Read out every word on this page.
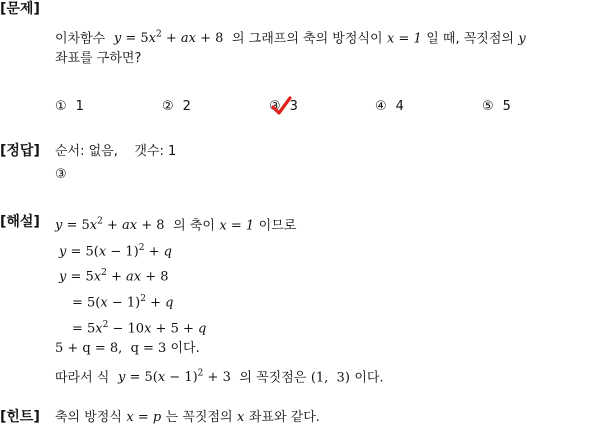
[문제]
이차함수 $y = 5x^2$ + ax + 8  의 그래프의 축의 방정식이 x = 1 일 때, 꼭짓점의 y
좌표를 구하면?
① 1	② 2	③ 3	④ 4	⑤ 5
[정답] 순서: 없음,    갯수: 1
③
[해설] $y = 5x^2$ + ax + 8  의 축이 x = 1 이므로
$y = 5(x - 1)^2 + q$
$y = 5x^2$ + ax + 8
= $5(x - 1)^2 + q$
= $5x^2 - 10x + 5 + q$
5 + q = 8,  q = 3 이다.
따라서 식 $y = 5(x - 1)^2 + 3$  의 꼭짓점은 (1,  3) 이다.
[힌트] 축의 방정식 x = p 는 꼭짓점의 x 좌표와 같다.
